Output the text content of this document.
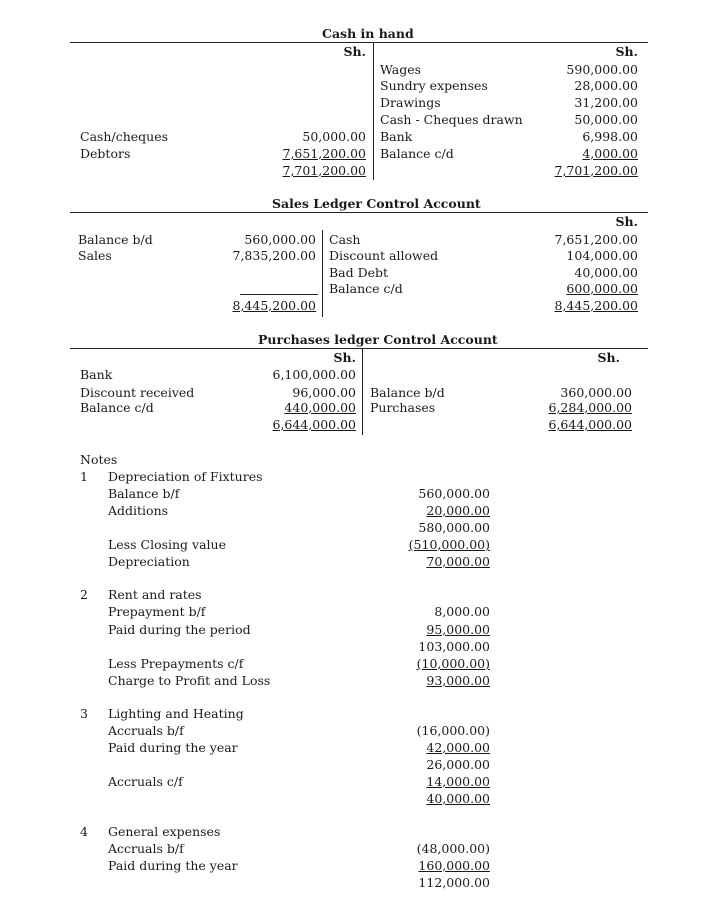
Cash in hand
Sh.	Sh.
Wages
Sundry expenses
Drawings
Cash - Cheques drawn
Bank
Balance c/d
590,000.00
28,000.00
31,200.00
50,000.00
6,998.00
4,000.00
7,701,200.00
Cash/cheques
Debtors
50,000.00
7,651,200.00
7,701,200.00
Sales Ledger Control Account
Sh.
Balance b/d
Sales
560,000.00
7,835,200.00
8,445,200.00
Cash
Discount allowed
Bad Debt
Balance c/d
7,651,200.00
104,000.00
40,000.00
600,000.00
8,445,200.00
Purchases ledger Control Account
Sh.	Sh.
Bank
Discount received
Balance c/d
6,100,000.00
96,000.00
440,000.00
6,644,000.00
Balance b/d
Purchases
360,000.00
6,284,000.00
6,644,000.00
Notes
1 Depreciation of Fixtures
Balance b/f
Additions
Less Closing value
Depreciation
560,000.00
20,000.00
580,000.00
(510,000.00)
70,000.00
2 Rent and rates
Prepayment b/f
Paid during the period
Less Prepayments c/f
Charge to Profit and Loss
8,000.00
95,000.00
103,000.00
(10,000.00)
93,000.00
3 Lighting and Heating
Accruals b/f
Paid during the year
Accruals c/f
(16,000.00)
42,000.00
26,000.00
14,000.00
40,000.00
4 General expenses
Accruals b/f
Paid during the year
(48,000.00)
160,000.00
112,000.00
